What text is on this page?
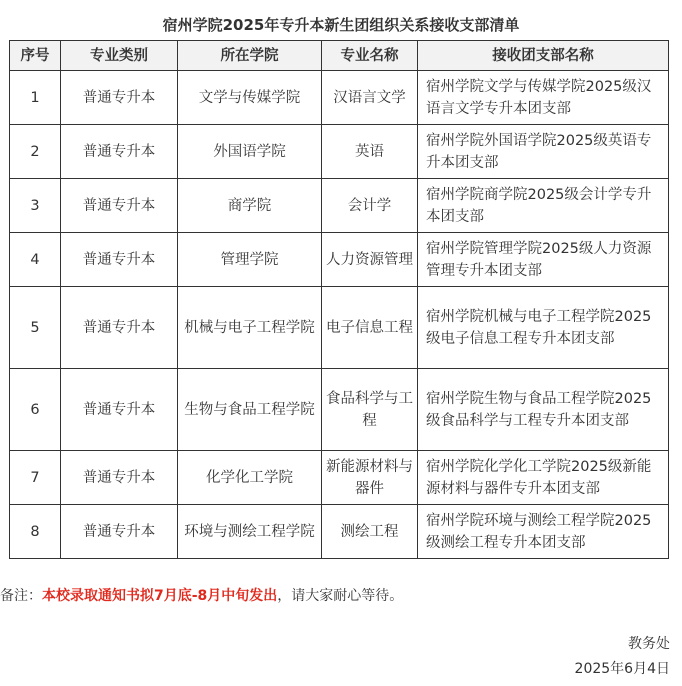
宿州学院2025年专升本新生团组织关系接收支部清单
序号	专业类别	所在学院	专业名称	接收团支部名称
1	普通专升本	文学与传媒学院	汉语言文学	宿州学院文学与传媒学院2025级汉语言文学专升本团支部
2	普通专升本	外国语学院	英语	宿州学院外国语学院2025级英语专升本团支部
3	普通专升本	商学院	会计学	宿州学院商学院2025级会计学专升本团支部
4	普通专升本	管理学院	人力资源管理	宿州学院管理学院2025级人力资源管理专升本团支部
5	普通专升本	机械与电子工程学院	电子信息工程	宿州学院机械与电子工程学院2025级电子信息工程专升本团支部
6	普通专升本	生物与食品工程学院	食品科学与工程	宿州学院生物与食品工程学院2025级食品科学与工程专升本团支部
7	普通专升本	化学化工学院	新能源材料与器件	宿州学院化学化工学院2025级新能源材料与器件专升本团支部
8	普通专升本	环境与测绘工程学院	测绘工程	宿州学院环境与测绘工程学院2025级测绘工程专升本团支部
备注：本校录取通知书拟7月底-8月中旬发出，请大家耐心等待。
教务处
2025年6月4日
